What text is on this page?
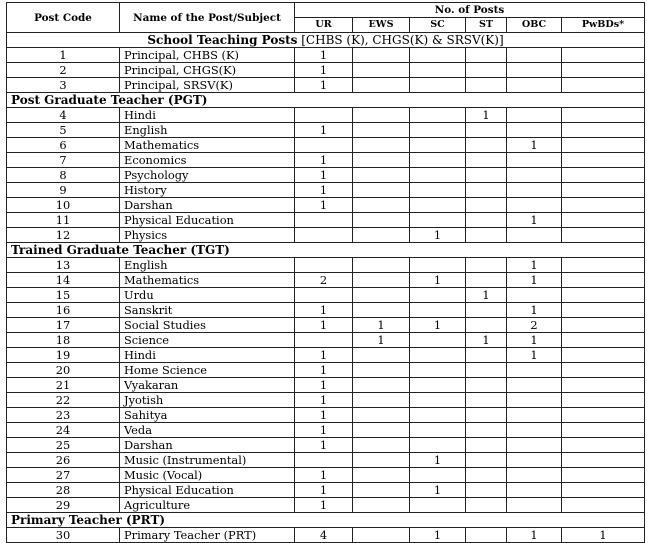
Post Code	Name of the Post/Subject	No. of Posts					
		UR	EWS	SC	ST	OBC	PwBDs*
School Teaching Posts [CHBS (K), CHGS(K) & SRSV(K)]							
1	Principal, CHBS (K)	1					
2	Principal, CHGS(K)	1					
3	Principal, SRSV(K)	1					
Post Graduate Teacher (PGT)							
4	Hindi				1		
5	English	1					
6	Mathematics					1	
7	Economics	1					
8	Psychology	1					
9	History	1					
10	Darshan	1					
11	Physical Education					1	
12	Physics			1			
Trained Graduate Teacher (TGT)							
13	English					1	
14	Mathematics	2		1		1	
15	Urdu				1		
16	Sanskrit	1				1	
17	Social Studies	1	1	1		2	
18	Science		1		1	1	
19	Hindi	1				1	
20	Home Science	1					
21	Vyakaran	1					
22	Jyotish	1					
23	Sahitya	1					
24	Veda	1					
25	Darshan	1					
26	Music (Instrumental)			1			
27	Music (Vocal)	1					
28	Physical Education	1		1			
29	Agriculture	1					
Primary Teacher (PRT)							
30	Primary Teacher (PRT)	4		1		1	1
